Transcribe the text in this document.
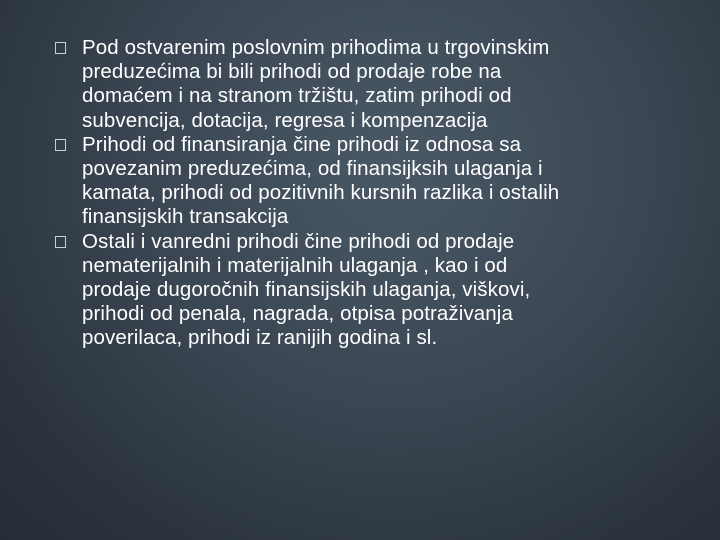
Pod ostvarenim poslovnim prihodima u trgovinskim
preduzećima bi bili prihodi od prodaje robe na
domaćem i na stranom tržištu, zatim prihodi od
subvencija, dotacija, regresa i kompenzacija
Prihodi od finansiranja čine prihodi iz odnosa sa
povezanim preduzećima, od finansijksih ulaganja i
kamata, prihodi od pozitivnih kursnih razlika i ostalih
finansijskih transakcija
Ostali i vanredni prihodi čine prihodi od prodaje
nematerijalnih i materijalnih ulaganja , kao i od
prodaje dugoročnih finansijskih ulaganja, viškovi,
prihodi od penala, nagrada, otpisa potraživanja
poverilaca, prihodi iz ranijih godina i sl.
